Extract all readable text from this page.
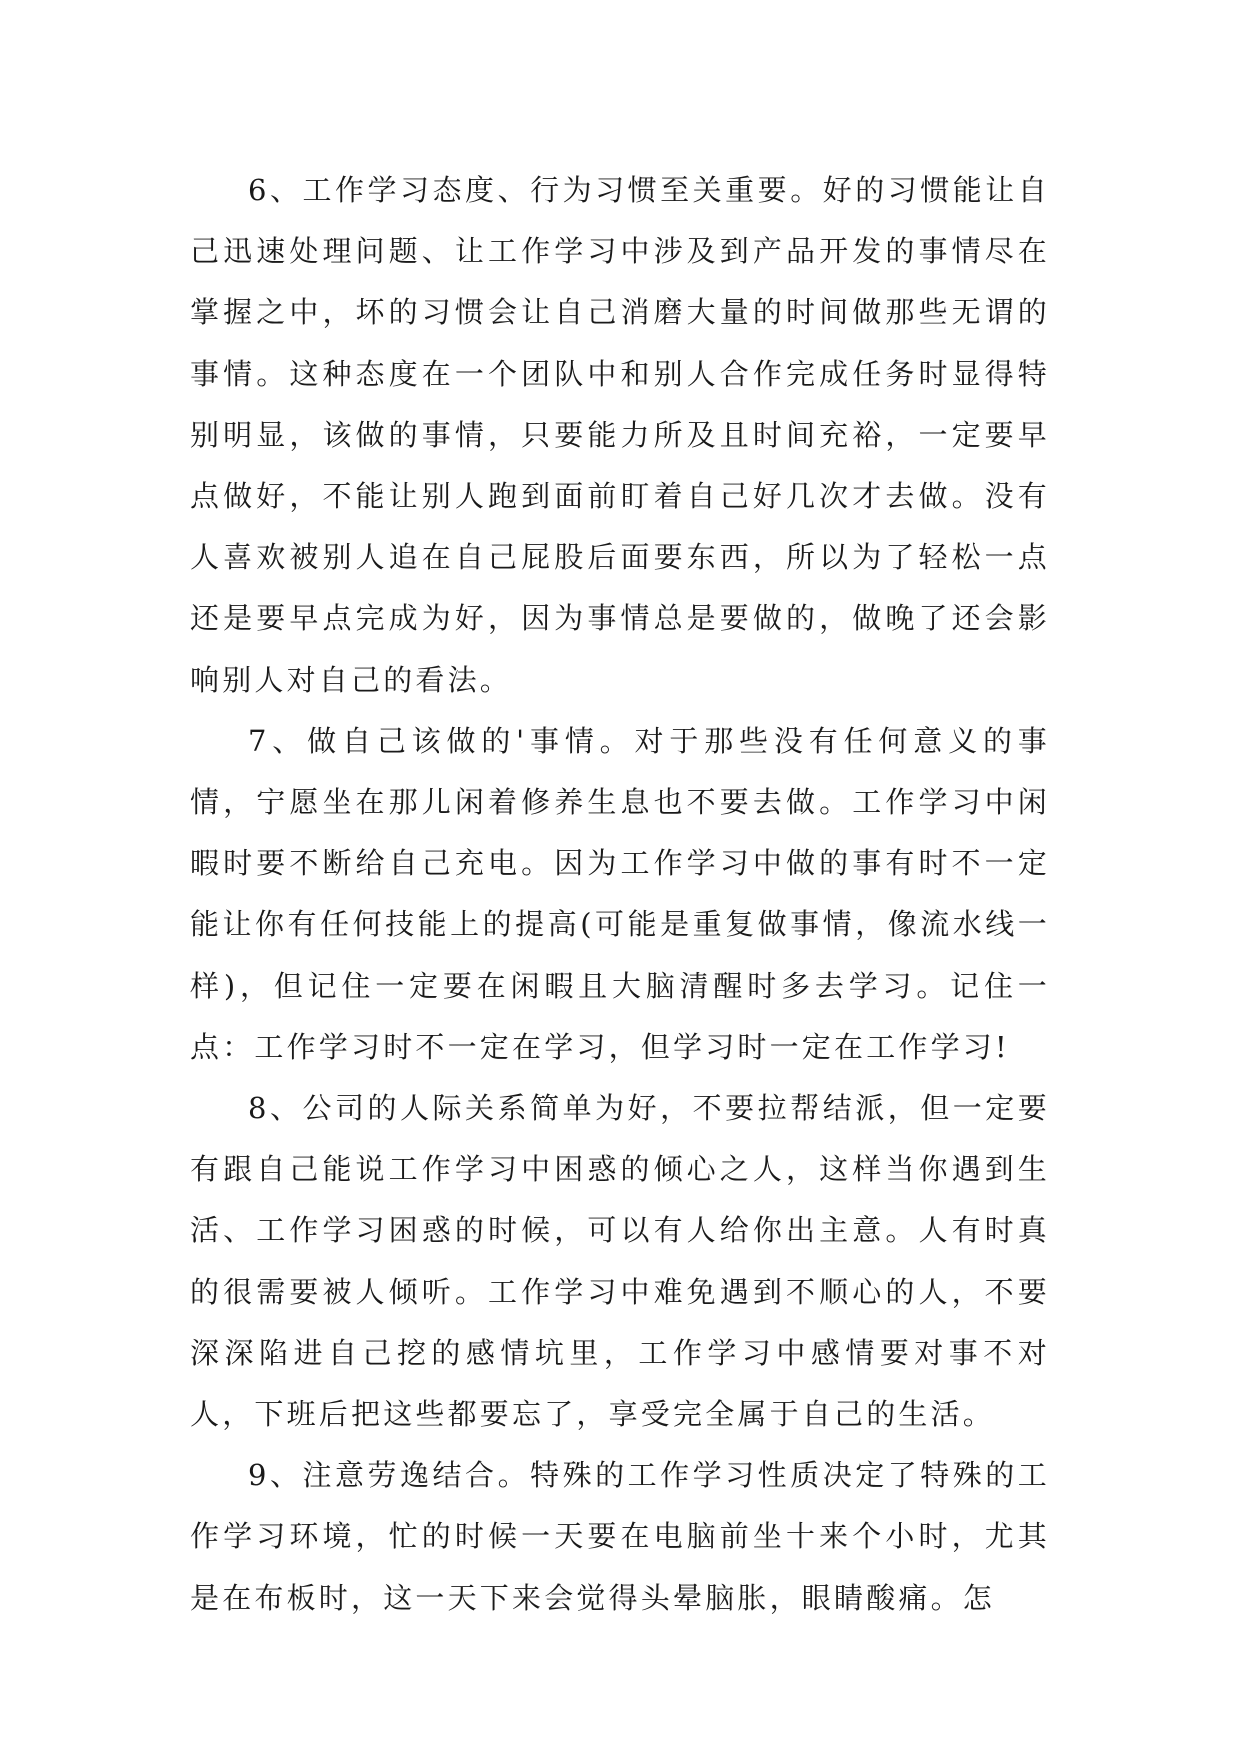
6、工作学习态度、行为习惯至关重要。好的习惯能让自己迅速处理问题、让工作学习中涉及到产品开发的事情尽在掌握之中，坏的习惯会让自己消磨大量的时间做那些无谓的事情。这种态度在一个团队中和别人合作完成任务时显得特别明显，该做的事情，只要能力所及且时间充裕，一定要早点做好，不能让别人跑到面前盯着自己好几次才去做。没有人喜欢被别人追在自己屁股后面要东西，所以为了轻松一点还是要早点完成为好，因为事情总是要做的，做晚了还会影响别人对自己的看法。

7、做自己该做的'事情。对于那些没有任何意义的事情，宁愿坐在那儿闲着修养生息也不要去做。工作学习中闲暇时要不断给自己充电。因为工作学习中做的事有时不一定能让你有任何技能上的提高(可能是重复做事情，像流水线一样)，但记住一定要在闲暇且大脑清醒时多去学习。记住一点：工作学习时不一定在学习，但学习时一定在工作学习!

8、公司的人际关系简单为好，不要拉帮结派，但一定要有跟自己能说工作学习中困惑的倾心之人，这样当你遇到生活、工作学习困惑的时候，可以有人给你出主意。人有时真的很需要被人倾听。工作学习中难免遇到不顺心的人，不要深深陷进自己挖的感情坑里，工作学习中感情要对事不对人，下班后把这些都要忘了，享受完全属于自己的生活。

9、注意劳逸结合。特殊的工作学习性质决定了特殊的工作学习环境，忙的时候一天要在电脑前坐十来个小时，尤其是在布板时，这一天下来会觉得头晕脑胀，眼睛酸痛。怎
